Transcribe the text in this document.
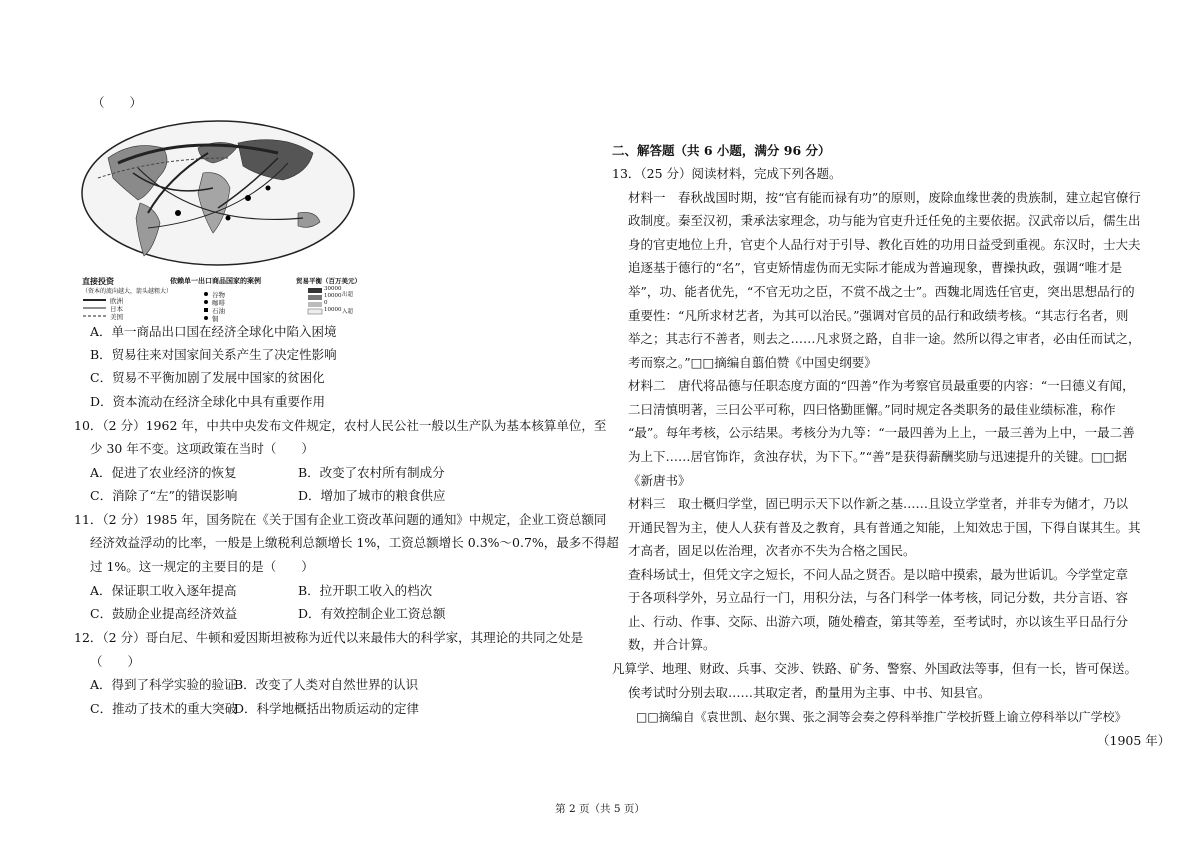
（　　）
直接投资
（资本的流向越大，箭头越粗大）
欧洲
日本
美国
依赖单一出口商品国家的案例
谷物
咖啡
石油
铜
贸易平衡（百万美元）
30000
10000
0
10000
出超
入超
A．单一商品出口国在经济全球化中陷入困境
B．贸易往来对国家间关系产生了决定性影响
C．贸易不平衡加剧了发展中国家的贫困化
D．资本流动在经济全球化中具有重要作用
10．（2 分）1962 年，中共中央发布文件规定，农村人民公社一般以生产队为基本核算单位，至
少 30 年不变。这项政策在当时（　　）
A．促进了农业经济的恢复	B．改变了农村所有制成分
C．消除了“左”的错误影响	D．增加了城市的粮食供应
11．（2 分）1985 年，国务院在《关于国有企业工资改革问题的通知》中规定，企业工资总额同
经济效益浮动的比率，一般是上缴税利总额增长 1%，工资总额增长 0.3%～0.7%，最多不得超
过 1%。这一规定的主要目的是（　　）
A．保证职工收入逐年提高	B．拉开职工收入的档次
C．鼓励企业提高经济效益	D．有效控制企业工资总额
12．（2 分）哥白尼、牛顿和爱因斯坦被称为近代以来最伟大的科学家，其理论的共同之处是
（　　）
A．得到了科学实验的验证
B．改变了人类对自然世界的认识
C．推动了技术的重大突破
D．科学地概括出物质运动的定律
二、解答题（共 6 小题，满分 96 分）
13．（25 分）阅读材料，完成下列各题。
材料一　春秋战国时期，按“官有能而禄有功”的原则，废除血缘世袭的贵族制，建立起官僚行
政制度。秦至汉初，秉承法家理念，功与能为官吏升迁任免的主要依据。汉武帝以后，儒生出
身的官吏地位上升，官吏个人品行对于引导、教化百姓的功用日益受到重视。东汉时，士大夫
追逐基于德行的“名”，官吏矫情虚伪而无实际才能成为普遍现象，曹操执政，强调“唯才是
举”，功、能者优先，“不官无功之臣，不赏不战之士”。西魏北周选任官吏，突出思想品行的
重要性：“凡所求材艺者，为其可以治民。”强调对官员的品行和政绩考核。“其志行名者，则
举之；其志行不善者，则去之……凡求贤之路，自非一途。然所以得之审者，必由任而试之，
考而察之。”□□摘编自翦伯赞《中国史纲要》
材料二　唐代将品德与任职态度方面的“四善”作为考察官员最重要的内容：“一曰德义有闻，
二曰清慎明著，三曰公平可称，四曰恪勤匪懈。”同时规定各类职务的最佳业绩标准，称作
“最”。每年考核，公示结果。考核分为九等：“一最四善为上上，一最三善为上中，一最二善
为上下……居官饰诈，贪浊存状，为下下。”“善”是获得薪酬奖励与迅速提升的关键。□□据
《新唐书》
材料三　取士概归学堂，固已明示天下以作新之基……且设立学堂者，并非专为储才，乃以
开通民智为主，使人人获有普及之教育，具有普通之知能，上知效忠于国，下得自谋其生。其
才高者，固足以佐治理，次者亦不失为合格之国民。
查科场试士，但凭文字之短长，不问人品之贤否。是以暗中摸索，最为世诟讥。今学堂定章
于各项科学外，另立品行一门，用积分法，与各门科学一体考核，同记分数，共分言语、容
止、行动、作事、交际、出游六项，随处稽查，第其等差，至考试时，亦以该生平日品行分
数，并合计算。
凡算学、地理、财政、兵事、交涉、铁路、矿务、警察、外国政法等事，但有一长，皆可保送。
俟考试时分别去取……其取定者，酌量用为主事、中书、知县官。
□□摘编自《袁世凯、赵尔巽、张之洞等会奏之停科举推广学校折暨上谕立停科举以广学校》
（1905 年）
第 2 页（共 5 页）
